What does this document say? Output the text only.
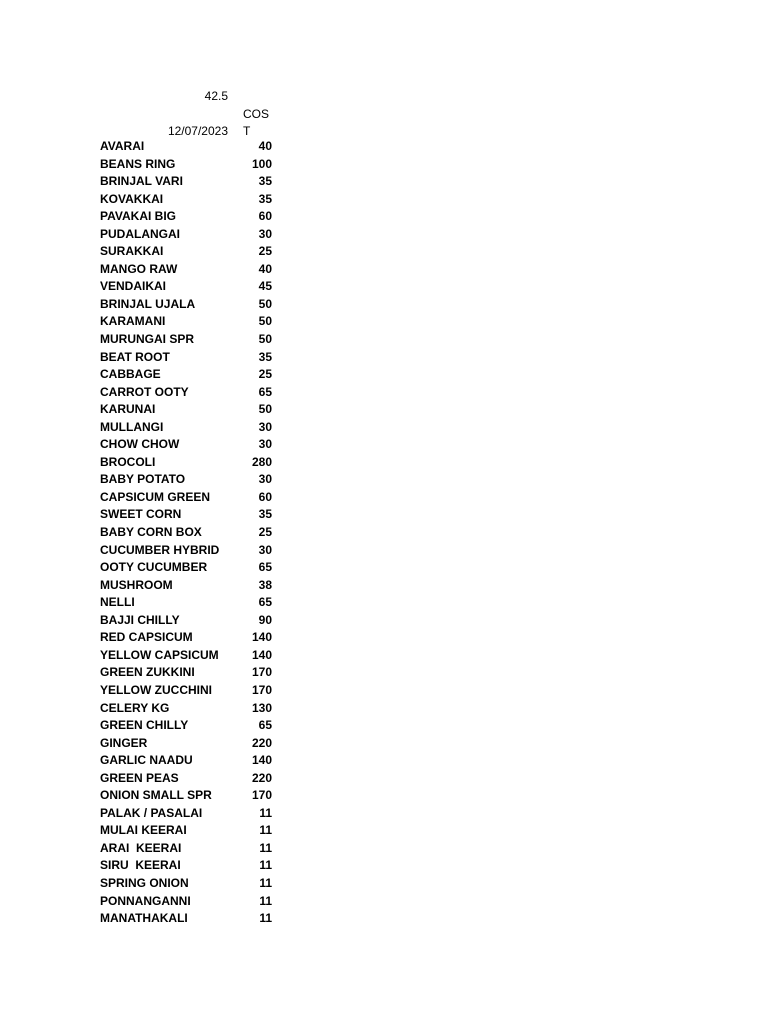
42.5
COS
12/07/2023 T
AVARAI	40
BEANS RING	100
BRINJAL VARI	35
KOVAKKAI	35
PAVAKAI BIG	60
PUDALANGAI	30
SURAKKAI	25
MANGO RAW	40
VENDAIKAI	45
BRINJAL UJALA	50
KARAMANI	50
MURUNGAI SPR	50
BEAT ROOT	35
CABBAGE	25
CARROT OOTY	65
KARUNAI	50
MULLANGI	30
CHOW CHOW	30
BROCOLI	280
BABY POTATO	30
CAPSICUM GREEN	60
SWEET CORN	35
BABY CORN BOX	25
CUCUMBER HYBRID	30
OOTY CUCUMBER	65
MUSHROOM	38
NELLI	65
BAJJI CHILLY	90
RED CAPSICUM	140
YELLOW CAPSICUM	140
GREEN ZUKKINI	170
YELLOW ZUCCHINI	170
CELERY KG	130
GREEN CHILLY	65
GINGER	220
GARLIC NAADU	140
GREEN PEAS	220
ONION SMALL SPR	170
PALAK / PASALAI	11
MULAI KEERAI	11
ARAI  KEERAI	11
SIRU  KEERAI	11
SPRING ONION	11
PONNANGANNI	11
MANATHAKALI	11
